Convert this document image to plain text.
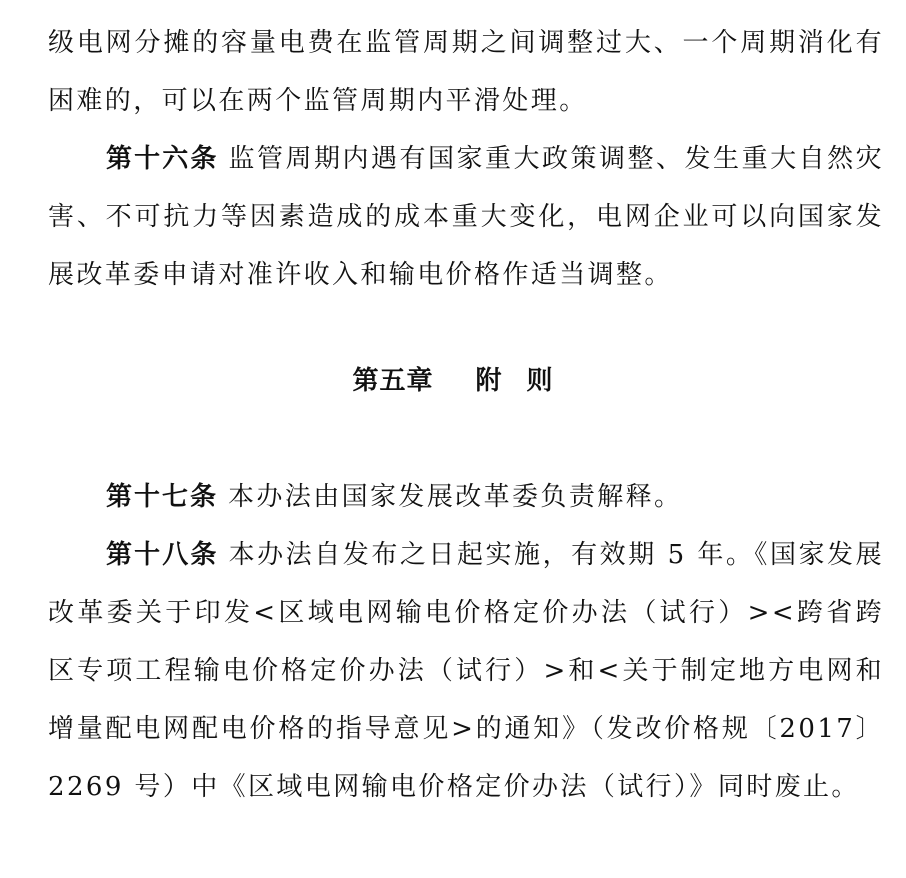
级电网分摊的容量电费在监管周期之间调整过大、一个周期消化有困难的，可以在两个监管周期内平滑处理。

第十六条 监管周期内遇有国家重大政策调整、发生重大自然灾害、不可抗力等因素造成的成本重大变化，电网企业可以向国家发展改革委申请对准许收入和输电价格作适当调整。

第五章 附 则

第十七条 本办法由国家发展改革委负责解释。

第十八条 本办法自发布之日起实施，有效期 5 年。《国家发展改革委关于印发<区域电网输电价格定价办法（试行）><跨省跨区专项工程输电价格定价办法（试行）>和<关于制定地方电网和增量配电网配电价格的指导意见>的通知》（发改价格规〔2017〕2269 号）中《区域电网输电价格定价办法（试行）》同时废止。
